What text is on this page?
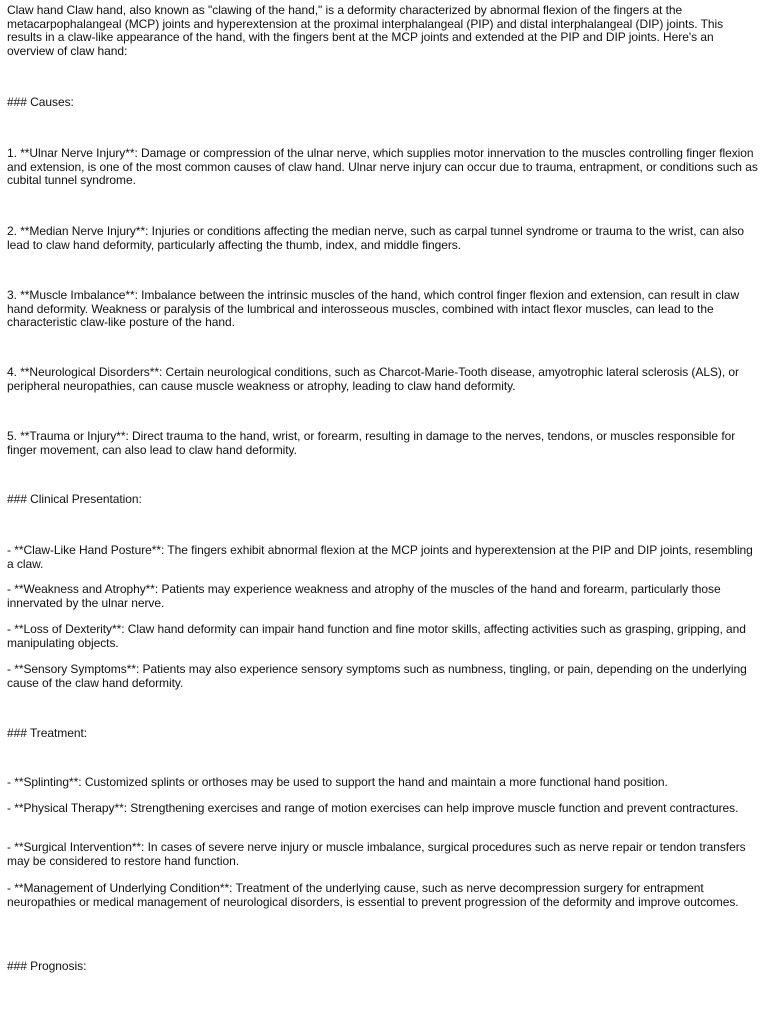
Claw hand Claw hand, also known as "clawing of the hand," is a deformity characterized by abnormal flexion of the fingers at the metacarpophalangeal (MCP) joints and hyperextension at the proximal interphalangeal (PIP) and distal interphalangeal (DIP) joints. This results in a claw-like appearance of the hand, with the fingers bent at the MCP joints and extended at the PIP and DIP joints. Here's an overview of claw hand:

### Causes:

1. **Ulnar Nerve Injury**: Damage or compression of the ulnar nerve, which supplies motor innervation to the muscles controlling finger flexion and extension, is one of the most common causes of claw hand. Ulnar nerve injury can occur due to trauma, entrapment, or conditions such as cubital tunnel syndrome.

2. **Median Nerve Injury**: Injuries or conditions affecting the median nerve, such as carpal tunnel syndrome or trauma to the wrist, can also lead to claw hand deformity, particularly affecting the thumb, index, and middle fingers.

3. **Muscle Imbalance**: Imbalance between the intrinsic muscles of the hand, which control finger flexion and extension, can result in claw hand deformity. Weakness or paralysis of the lumbrical and interosseous muscles, combined with intact flexor muscles, can lead to the characteristic claw-like posture of the hand.

4. **Neurological Disorders**: Certain neurological conditions, such as Charcot-Marie-Tooth disease, amyotrophic lateral sclerosis (ALS), or peripheral neuropathies, can cause muscle weakness or atrophy, leading to claw hand deformity.

5. **Trauma or Injury**: Direct trauma to the hand, wrist, or forearm, resulting in damage to the nerves, tendons, or muscles responsible for finger movement, can also lead to claw hand deformity.

### Clinical Presentation:

- **Claw-Like Hand Posture**: The fingers exhibit abnormal flexion at the MCP joints and hyperextension at the PIP and DIP joints, resembling a claw.

- **Weakness and Atrophy**: Patients may experience weakness and atrophy of the muscles of the hand and forearm, particularly those innervated by the ulnar nerve.

- **Loss of Dexterity**: Claw hand deformity can impair hand function and fine motor skills, affecting activities such as grasping, gripping, and manipulating objects.

- **Sensory Symptoms**: Patients may also experience sensory symptoms such as numbness, tingling, or pain, depending on the underlying cause of the claw hand deformity.

### Treatment:

- **Splinting**: Customized splints or orthoses may be used to support the hand and maintain a more functional hand position.

- **Physical Therapy**: Strengthening exercises and range of motion exercises can help improve muscle function and prevent contractures.

- **Surgical Intervention**: In cases of severe nerve injury or muscle imbalance, surgical procedures such as nerve repair or tendon transfers may be considered to restore hand function.

- **Management of Underlying Condition**: Treatment of the underlying cause, such as nerve decompression surgery for entrapment neuropathies or medical management of neurological disorders, is essential to prevent progression of the deformity and improve outcomes.

### Prognosis:
